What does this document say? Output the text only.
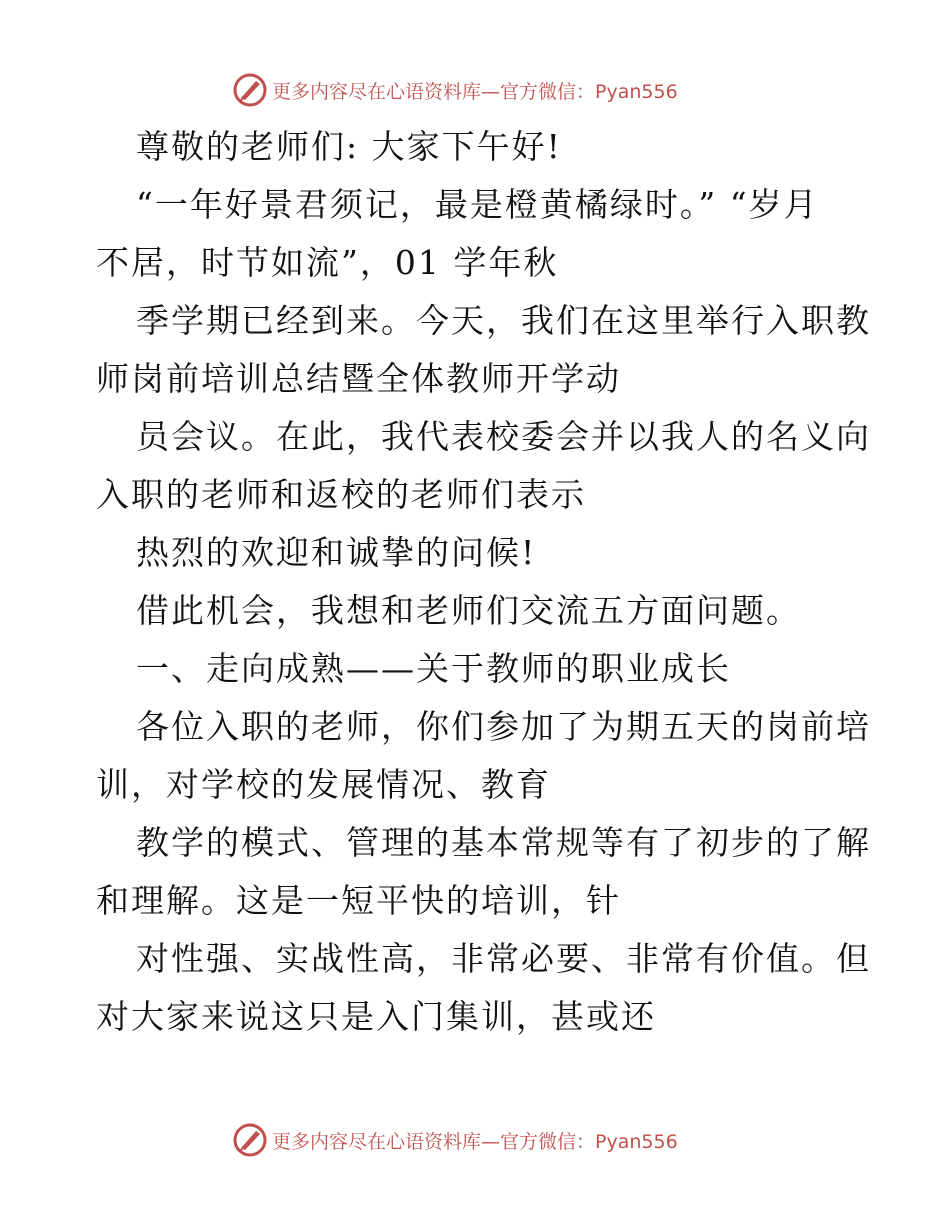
更多内容尽在心语资料库—官方微信：Pyan556
尊敬的老师们: 大家下午好!
“一年好景君须记，最是橙黄橘绿时。” “岁月
不居，时节如流”，01 学年秋
季学期已经到来。今天，我们在这里举行入职教
师岗前培训总结暨全体教师开学动
员会议。在此，我代表校委会并以我人的名义向
入职的老师和返校的老师们表示
热烈的欢迎和诚挚的问候!
借此机会，我想和老师们交流五方面问题。
一、走向成熟——关于教师的职业成长
各位入职的老师，你们参加了为期五天的岗前培
训，对学校的发展情况、教育
教学的模式、管理的基本常规等有了初步的了解
和理解。这是一短平快的培训，针
对性强、实战性高，非常必要、非常有价值。但
对大家来说这只是入门集训，甚或还
更多内容尽在心语资料库—官方微信：Pyan556
